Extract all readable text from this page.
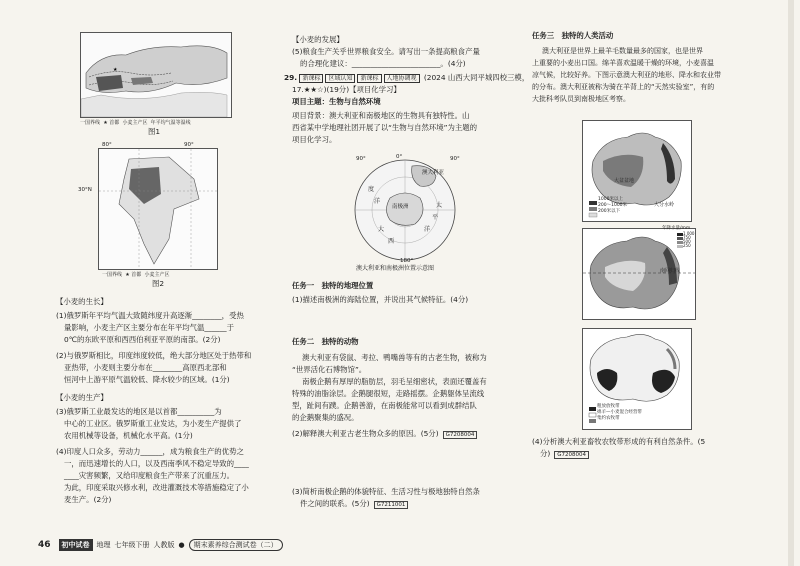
★
一国界线 ★ 首都 小麦主产区 年平均气温等温线
图1
80°	90°
30°N
一国界线 ★ 首都 小麦主产区
图2
【小麦的生长】
(1)俄罗斯年平均气温大致随纬度升高逐渐________，受热
量影响，小麦主产区主要分布在年平均气温______于
0℃的东欧平原和西西伯利亚平原的南部。(2分)
(2)与俄罗斯相比，印度纬度较低，绝大部分地区处于热带和
亚热带，小麦则主要分布在________高原西北部和
恒河中上游平原气温较低、降水较少的区域。(1分)
【小麦的生产】
(3)俄罗斯工业最发达的地区是以首都__________为
中心的工业区。俄罗斯重工业发达，为小麦生产提供了
农用机械等设备，机械化水平高。(1分)
(4)印度人口众多，劳动力______，成为粮食生产的优势之
一，而迅速增长的人口，以及西南季风不稳定导致的____
____灾害频繁，又给印度粮食生产带来了沉重压力。
为此，印度采取兴修水利，改进灌溉技术等措施稳定了小
麦生产。(2分)
【小麦的发展】
(5)粮食生产关乎世界粮食安全。请写出一条提高粮食产量
的合理化建议：________________________。(4分)
29. 新课标 区域认知 新课标 人地协调观 (2024 山西大同平城四校三模，
17.★★☆)(19分)【项目化学习】
项目主题：生物与自然环境
项目背景：澳大利亚和南极地区的生物具有独特性。山
西省某中学地理社团开展了以“生物与自然环境”为主题的
项目化学习。
90°	90°
0°
澳大利亚
南极洲
度
洋
太
平
洋
大
西
180°
澳大利亚和南极洲位置示意图
任务一　独特的地理位置
(1)描述南极洲的海陆位置，并说出其气候特征。(4分)
任务二　独特的动物
澳大利亚有袋鼠、考拉、鸭嘴兽等有的古老生物，被称为
“世界活化石博物馆”。
南极企鹅有厚厚的脂肪层，羽毛呈细密状，表面还覆盖有
特殊的油脂涂层。企鹅腿很短，走路摇摆。企鹅躯体呈流线
型，趾间有蹼。企鹅善游，在南极能常可以看到成群结队
的企鹅聚集的盛况。
(2)解释澳大利亚古老生物众多的原因。(5分) G7208004
(3)简析南极企鹅的体貌特征、生活习性与极地独特自然条
件之间的联系。(5分) G7211001
任务三　独特的人类活动
澳大利亚是世界上最羊毛数量最多的国家，也是世界
上重要的小麦出口国。绵羊喜欢温暖干燥的环境，小麦喜温
凉气候，比较好养。下图示意澳大利亚的地形、降水和农业带
的分布。澳大利亚被称为骑在羊背上的“天然实验室”，有的
大批科考队员到南极地区考察。
1000米以上
200～1000米
200米以下
大盆盆地
大分水岭
年降水量/mm
1 000
750
500
250
南回归线
粗放放牧带
绵羊—小麦混合经营带
集约农牧带
(4)分析澳大利亚畜牧农牧带形成的有利自然条件。(5
分) G7208004
46	初中试卷	地理 七年级下册 人教版 ●	期末素养综合测试卷（二）
